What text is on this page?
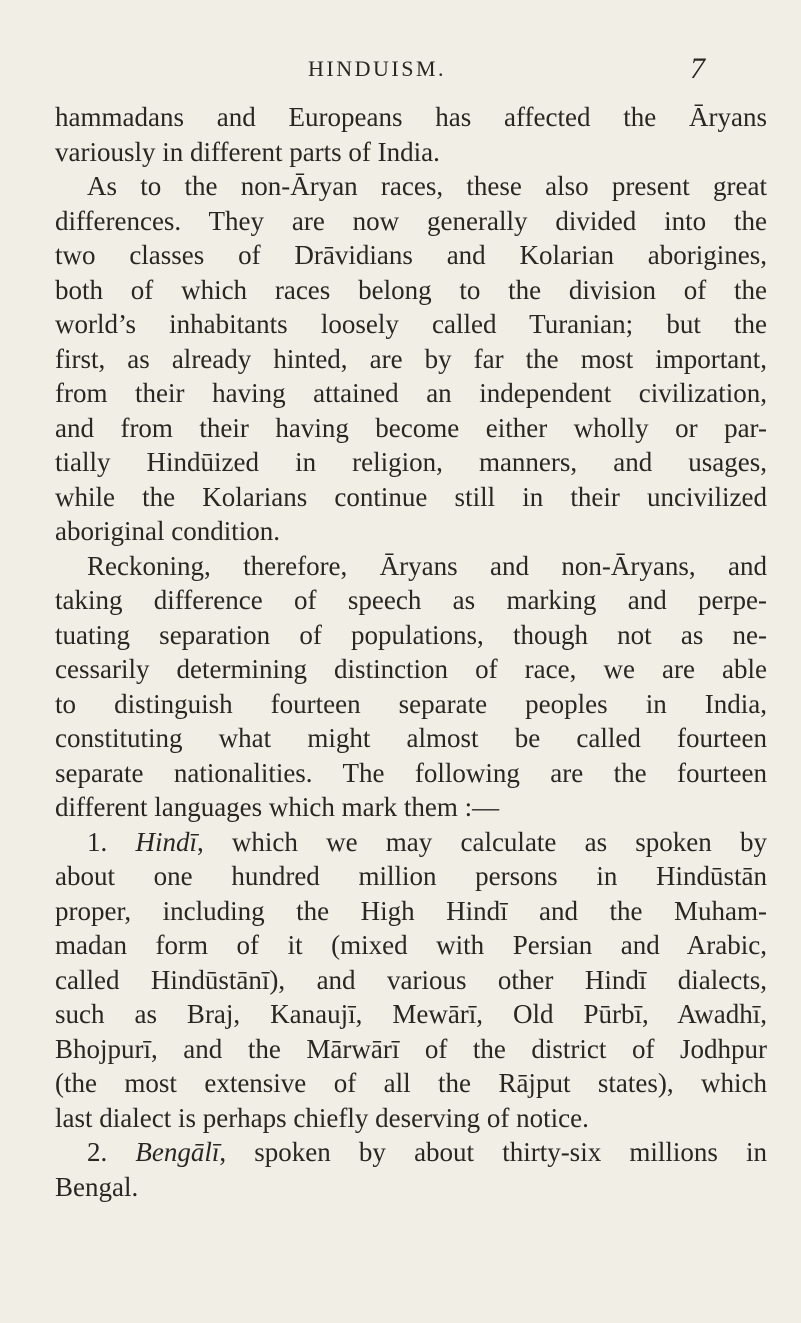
HINDUISM.	7
hammadans and Europeans has affected the Āryans
variously in different parts of India.
As to the non-Āryan races, these also present great
differences. They are now generally divided into the
two classes of Drāvidians and Kolarian aborigines,
both of which races belong to the division of the
world’s inhabitants loosely called Turanian; but the
first, as already hinted, are by far the most important,
from their having attained an independent civilization,
and from their having become either wholly or par-
tially Hindūized in religion, manners, and usages,
while the Kolarians continue still in their uncivilized
aboriginal condition.
Reckoning, therefore, Āryans and non-Āryans, and
taking difference of speech as marking and perpe-
tuating separation of populations, though not as ne-
cessarily determining distinction of race, we are able
to distinguish fourteen separate peoples in India,
constituting what might almost be called fourteen
separate nationalities. The following are the fourteen
different languages which mark them :—
1. Hindī, which we may calculate as spoken by
about one hundred million persons in Hindūstān
proper, including the High Hindī and the Muham-
madan form of it (mixed with Persian and Arabic,
called Hindūstānī), and various other Hindī dialects,
such as Braj, Kanaujī, Mewārī, Old Pūrbī, Awadhī,
Bhojpurī, and the Mārwārī of the district of Jodhpur
(the most extensive of all the Rājput states), which
last dialect is perhaps chiefly deserving of notice.
2. Bengālī, spoken by about thirty-six millions in
Bengal.
